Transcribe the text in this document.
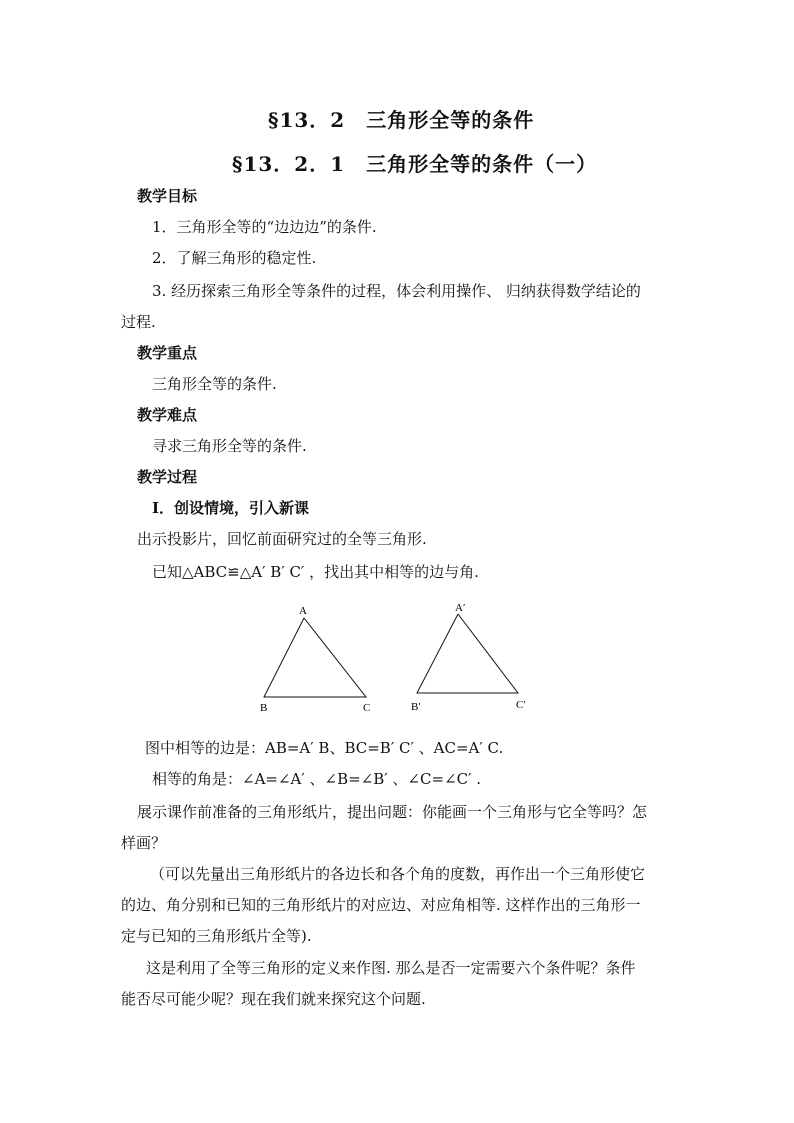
§13．2　三角形全等的条件
§13．2．1　三角形全等的条件（一）
教学目标
1．三角形全等的“边边边”的条件.
2．了解三角形的稳定性.
3. 经历探索三角形全等条件的过程，体会利用操作、 归纳获得数学结论的
过程.
教学重点
三角形全等的条件.
教学难点
寻求三角形全等的条件.
教学过程
Ⅰ．创设情境，引入新课
出示投影片，回忆前面研究过的全等三角形.
已知△ABC≌△A′ B′ C′ ，找出其中相等的边与角.
A
B	C
A′
B′	C′
图中相等的边是：AB=A′ B、BC=B′ C′ 、AC=A′ C.
相等的角是：∠A=∠A′ 、∠B=∠B′ 、∠C=∠C′ .
展示课作前准备的三角形纸片，提出问题：你能画一个三角形与它全等吗？怎
样画？
（可以先量出三角形纸片的各边长和各个角的度数，再作出一个三角形使它
的边、角分别和已知的三角形纸片的对应边、对应角相等. 这样作出的三角形一
定与已知的三角形纸片全等).
这是利用了全等三角形的定义来作图. 那么是否一定需要六个条件呢？条件
能否尽可能少呢？现在我们就来探究这个问题.
